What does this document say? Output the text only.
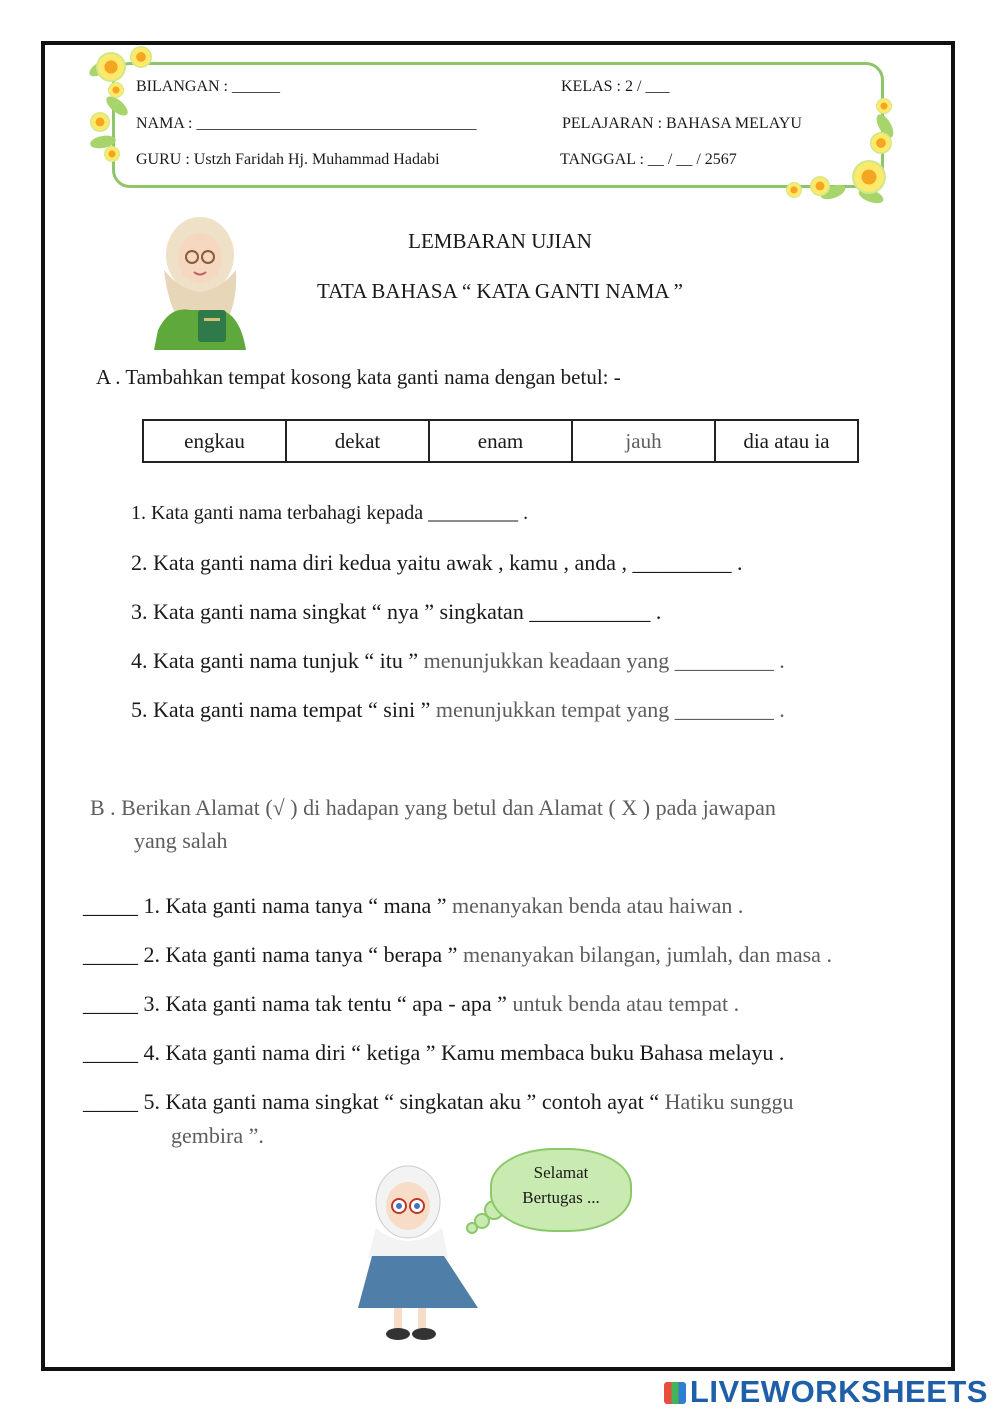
BILANGAN : ______	KELAS : 2 / ___
NAMA : ___________________________________	PELAJARAN : BAHASA MELAYU
GURU : Ustzh Faridah Hj. Muhammad Hadabi	TANGGAL : __ / __ / 2567
LEMBARAN UJIAN
TATA BAHASA “ KATA GANTI NAMA ”
A . Tambahkan tempat kosong kata ganti nama dengan betul: -
engkau	dekat	enam	jauh	dia atau ia
1. Kata ganti nama terbahagi kepada _________ .
2. Kata ganti nama diri kedua yaitu awak , kamu , anda , _________ .
3. Kata ganti nama singkat “ nya ” singkatan ___________ .
4. Kata ganti nama tunjuk “ itu ” menunjukkan keadaan yang _________ .
5. Kata ganti nama tempat “ sini ” menunjukkan tempat yang _________ .
B . Berikan Alamat (√ ) di hadapan yang betul dan Alamat ( X ) pada jawapan
yang salah
_____ 1. Kata ganti nama tanya “ mana ” menanyakan benda atau haiwan .
_____ 2. Kata ganti nama tanya “ berapa ” menanyakan bilangan, jumlah, dan masa .
_____ 3. Kata ganti nama tak tentu “ apa - apa ” untuk benda atau tempat .
_____ 4. Kata ganti nama diri “ ketiga ” Kamu membaca buku Bahasa melayu .
_____ 5. Kata ganti nama singkat “ singkatan aku ” contoh ayat “ Hatiku sunggu
gembira ”.
Selamat
Bertugas ...
LIVEWORKSHEETS
